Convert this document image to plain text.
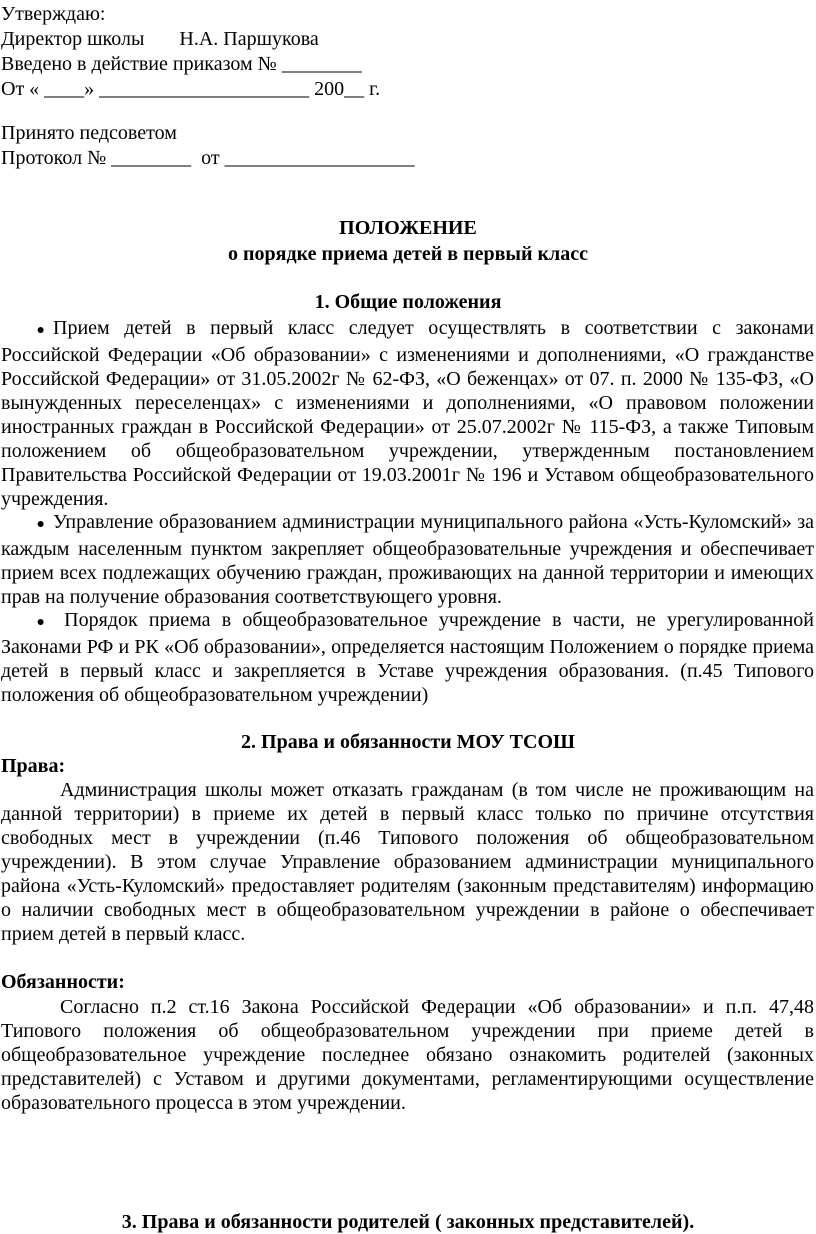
Утверждаю:
Директор школы       Н.А. Паршукова
Введено в действие приказом № ________
От « ____» _____________________ 200__ г.
Принято педсоветом
Протокол № ________  от ___________________
ПОЛОЖЕНИЕ
о порядке приема детей в первый класс
1. Общие положения
● Прием детей в первый класс следует осуществлять в соответствии с законами Российской Федерации «Об образовании» с изменениями и дополнениями, «О гражданстве Российской Федерации» от 31.05.2002г № 62-ФЗ, «О беженцах» от 07. п. 2000 № 135-ФЗ, «О вынужденных переселенцах» с изменениями и дополнениями, «О правовом положении иностранных граждан в Российской Федерации» от 25.07.2002г № 115-ФЗ, а также Типовым положением об общеобразовательном учреждении, утвержденным постановлением Правительства Российской Федерации от 19.03.2001г № 196 и Уставом общеобразовательного учреждения.
● Управление образованием администрации муниципального района «Усть-Куломский» за каждым населенным пунктом закрепляет общеобразовательные учреждения и обеспечивает прием всех подлежащих обучению граждан, проживающих на данной территории и имеющих прав на получение образования соответствующего уровня.
● Порядок приема в общеобразовательное учреждение в части, не урегулированной Законами РФ и РК «Об образовании», определяется настоящим Положением о порядке приема детей в первый класс и закрепляется в Уставе учреждения образования. (п.45 Типового положения об общеобразовательном учреждении)
2. Права и обязанности МОУ ТСОШ
Права:

Администрация школы может отказать гражданам (в том числе не проживающим на данной территории) в приеме их детей в первый класс только по причине отсутствия свободных мест в учреждении (п.46 Типового положения об общеобразовательном учреждении). В этом случае Управление образованием администрации муниципального района «Усть-Куломский» предоставляет родителям (законным представителям) информацию о наличии свободных мест в общеобразовательном учреждении в районе о обеспечивает прием детей в первый класс.

Обязанности:

Согласно п.2 ст.16 Закона Российской Федерации «Об образовании» и п.п. 47,48 Типового положения об общеобразовательном учреждении при приеме детей в общеобразовательное учреждение последнее обязано ознакомить родителей (законных представителей) с Уставом и другими документами, регламентирующими осуществление образовательного процесса в этом учреждении.

3. Права и обязанности родителей ( законных представителей).
